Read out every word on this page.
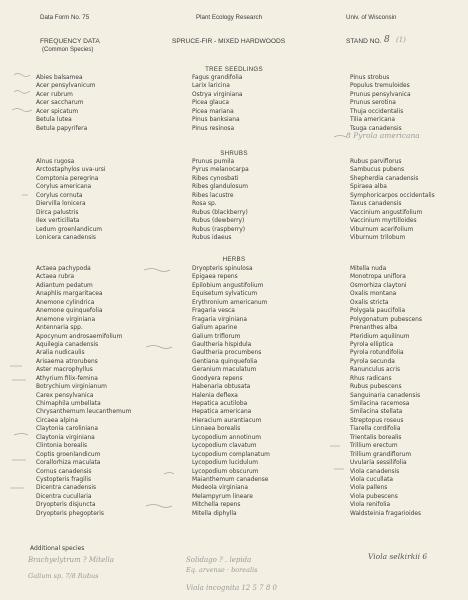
Data Form No. 75	Plant Ecology Research	Univ. of Wisconsin
FREQUENCY DATA
(Common Species)
SPRUCE-FIR - MIXED HARDWOODS	STAND NO. 8 (1)
TREE SEEDLINGS
Abies balsamea
Acer pensylvanicum
Acer rubrum
Acer saccharum
Acer spicatum
Betula lutea
Betula papyrifera
Fagus grandifolia
Larix laricina
Ostrya virginiana
Picea glauca
Picea mariana
Pinus banksiana
Pinus resinosa
Pinus strobus
Populus tremuloides
Prunus pensylvanica
Prunus serotina
Thuja occidentalis
Tilia americana
Tsuga canadensis
8 Pyrola americana
SHRUBS
Alnus rugosa
Arctostaphylos uva-ursi
Comptonia peregrina
Corylus americana
Corylus cornuta
Diervilla lonicera
Dirca palustris
Ilex verticillata
Ledum groenlandicum
Lonicera canadensis
Prunus pumila
Pyrus melanocarpa
Ribes cynosbati
Ribes glandulosum
Ribes lacustre
Rosa sp.
Rubus (blackberry)
Rubus (dewberry)
Rubus (raspberry)
Rubus idaeus
Rubus parviflorus
Sambucus pubens
Shepherdia canadensis
Spiraea alba
Symphoricarpos occidentalis
Taxus canadensis
Vaccinium angustifolium
Vaccinium myrtilloides
Viburnum acerifolium
Viburnum trilobum
HERBS
Actaea pachypoda
Actaea rubra
Adiantum pedatum
Anaphlis margaritacea
Anemone cylindrica
Anemone quinquefolia
Anemone virginiana
Antennaria spp.
Apocynum androsaemifolium
Aquilegia canadensis
Aralia nudicaulis
Arisaema atrorubens
Aster macrophyllus
Athyrium filix-femina
Botrychium virginianum
Carex pensylvanica
Chimaphila umbellata
Chrysanthemum leucanthemum
Circaea alpina
Claytonia caroliniana
Claytonia virginiana
Clintonia borealis
Coptis groenlandicum
Corallorhiza maculata
Cornus canadensis
Cystopteris fragilis
Dicentra canadensis
Dicentra cucullaria
Dryopteris disjuncta
Dryopteris phegopteris
Dryopteris spinulosa
Epigaea repens
Epilobium angustifolium
Equisetum sylvaticum
Erythronium americanum
Fragaria vesca
Fragaria virginiana
Galium aparine
Galium triflorum
Gaultheria hispidula
Gaultheria procumbens
Gentiana quinquefolia
Geranium maculatum
Goodyera repens
Habenaria obtusata
Halenia deflexa
Hepatica acutiloba
Hepatica americana
Hieracium aurantiacum
Linnaea borealis
Lycopodium annotinum
Lycopodium clavatum
Lycopodium complanatum
Lycopodium lucidulum
Lycopodium obscurum
Maianthemum canadense
Medeola virginiana
Melampyrum lineare
Mitchella repens
Mitella diphylla
Mitella nuda
Monotropa uniflora
Osmorhiza claytoni
Oxalis montana
Oxalis stricta
Polygala paucifolia
Polygonatum pubescens
Prenanthes alba
Pteridium aquilinum
Pyrola elliptica
Pyrola rotundifolia
Pyrola secunda
Ranunculus acris
Rhus radicans
Rubus pubescens
Sanguinaria canadensis
Smilacina racemosa
Smilacina stellata
Streptopus roseus
Tiarella cordifolia
Trientalis borealis
Trillium erectum
Trillium grandiflorum
Uvularia sessilifolia
Viola canadensis
Viola cucullata
Viola pallens
Viola pubescens
Viola renifolia
Waldsteinia fragarioides
Additional species
Brachyelytrum ? Mitella
Galium sp. 7/8 Rubus
Solidago ? . lepida
Eq. arvense · borealis
Viola selkirkii 6
Viola incognita 12 5 7 8 0
